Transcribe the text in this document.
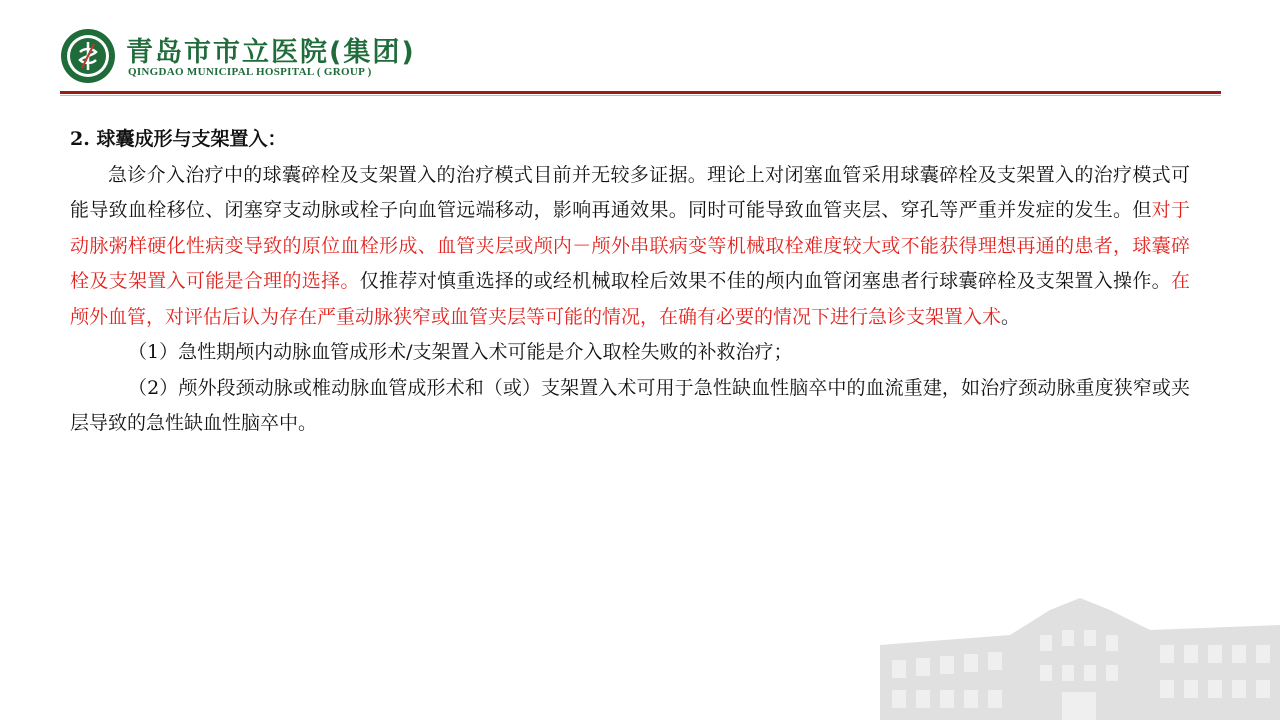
青岛市市立医院(集团)
QINGDAO MUNICIPAL HOSPITAL ( GROUP )

2. 球囊成形与支架置入：

急诊介入治疗中的球囊碎栓及支架置入的治疗模式目前并无较多证据。理论上对闭塞血管采用球囊碎栓及支架置入的治疗模式可能导致血栓移位、闭塞穿支动脉或栓子向血管远端移动，影响再通效果。同时可能导致血管夹层、穿孔等严重并发症的发生。但对于动脉粥样硬化性病变导致的原位血栓形成、血管夹层或颅内－颅外串联病变等机械取栓难度较大或不能获得理想再通的患者，球囊碎栓及支架置入可能是合理的选择。仅推荐对慎重选择的或经机械取栓后效果不佳的颅内血管闭塞患者行球囊碎栓及支架置入操作。在颅外血管，对评估后认为存在严重动脉狭窄或血管夹层等可能的情况，在确有必要的情况下进行急诊支架置入术。

（1）急性期颅内动脉血管成形术/支架置入术可能是介入取栓失败的补救治疗；

（2）颅外段颈动脉或椎动脉血管成形术和（或）支架置入术可用于急性缺血性脑卒中的血流重建，如治疗颈动脉重度狭窄或夹层导致的急性缺血性脑卒中。
